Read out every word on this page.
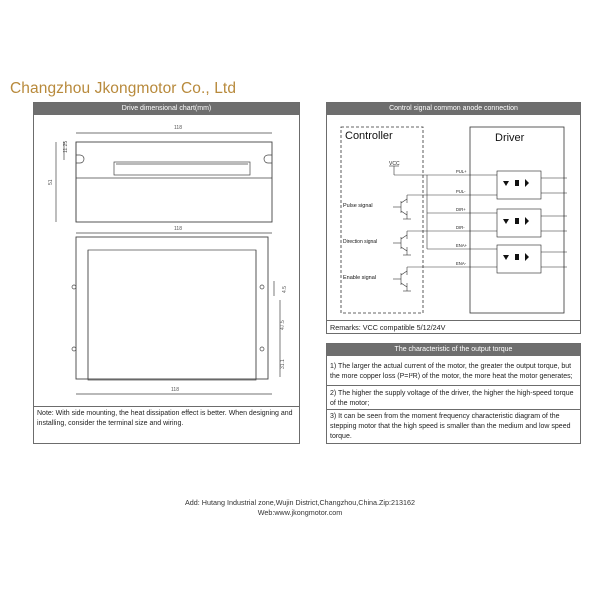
Changzhou Jkongmotor Co., Ltd
Drive dimensional chart(mm)
118
11.25
51
118
118
4.5
47.5
31.1
Note: With side mounting, the heat dissipation effect is better. When designing and installing, consider the terminal size and wiring.
Control signal common anode connection
Controller	Driver
VCC
Pulse signal
Direction signal
Enable signal
PUL+
PUL-
DIR+
DIR-
ENA+
ENA-
Remarks: VCC compatible 5/12/24V
The characteristic of the output torque
1) The larger the actual current of the motor, the greater the output torque, but the more copper loss (P=I²R) of the motor, the more heat the motor generates;
2) The higher the supply voltage of the driver, the higher the high-speed torque of the motor;
3) It can be seen from the moment frequency characteristic diagram of the stepping motor that the high speed is smaller than the medium and low speed torque.
Add: Hutang Industrial zone,Wujin District,Changzhou,China.Zip:213162
Web:www.jkongmotor.com
